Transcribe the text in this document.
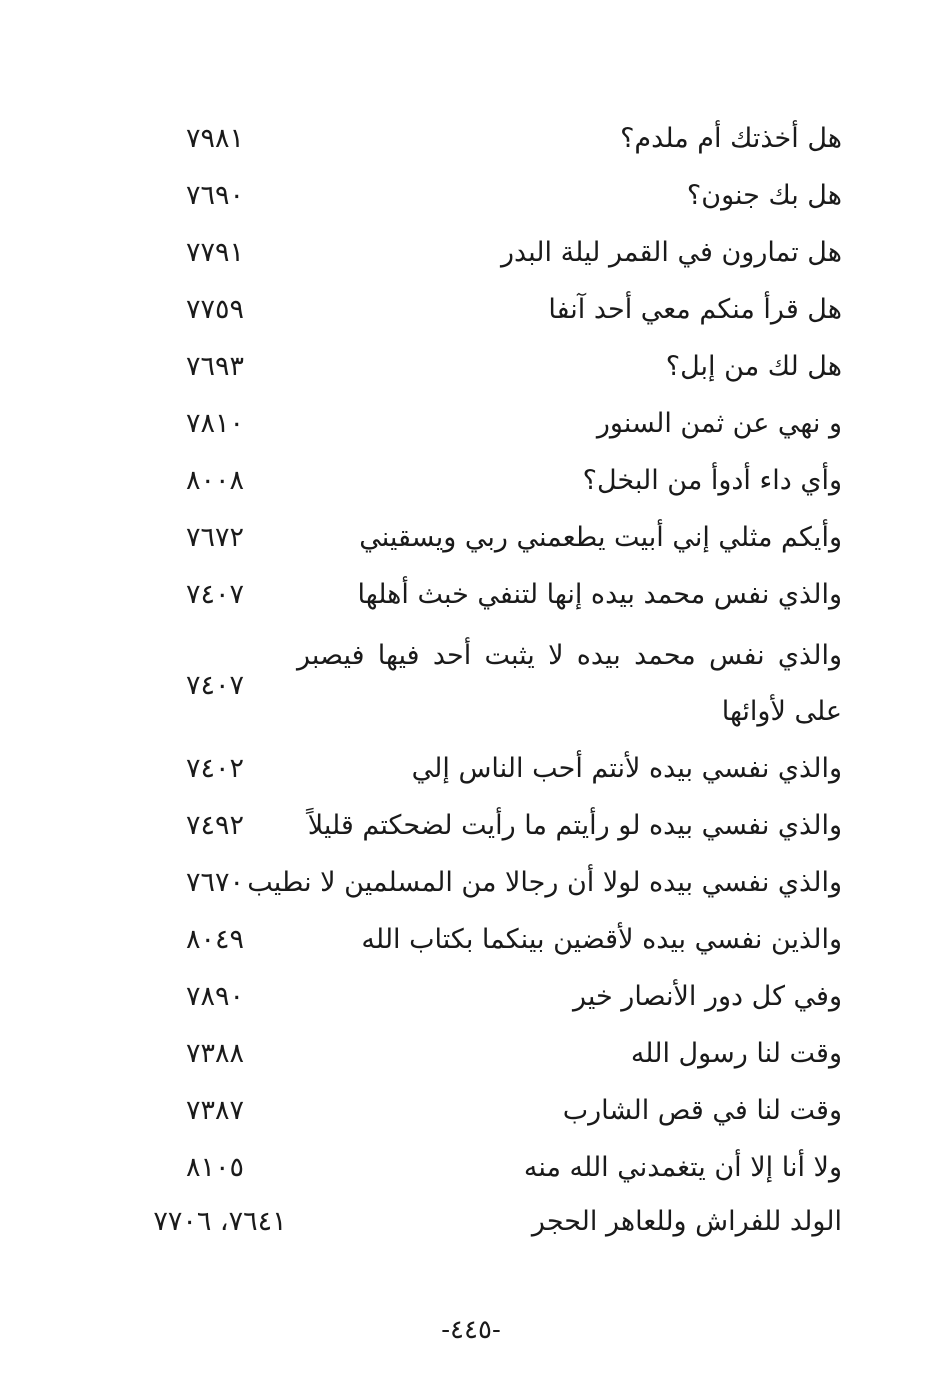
هل أخذتك أم ملدم؟
٧٩٨١
هل بك جنون؟
٧٦٩٠
هل تمارون في القمر ليلة البدر
٧٧٩١
هل قرأ منكم معي أحد آنفا
٧٧٥٩
هل لك من إبل؟
٧٦٩٣
و نهي عن ثمن السنور
٧٨١٠
وأي داء أدوأ من البخل؟
٨٠٠٨
وأيكم مثلي إني أبيت يطعمني ربي ويسقيني
٧٦٧٢
والذي نفس محمد بيده إنها لتنفي خبث أهلها
٧٤٠٧
والذي نفس محمد بيده لا يثبت أحد فيها فيصبر على لأوائها
٧٤٠٧
والذي نفسي بيده لأنتم أحب الناس إلي
٧٤٠٢
والذي نفسي بيده لو رأيتم ما رأيت لضحكتم قليلاً
٧٤٩٢
والذي نفسي بيده لولا أن رجالا من المسلمين لا نطيب
٧٦٧٠
والذين نفسي بيده لأقضين بينكما بكتاب الله
٨٠٤٩
وفي كل دور الأنصار خير
٧٨٩٠
وقت لنا رسول الله
٧٣٨٨
وقت لنا في قص الشارب
٧٣٨٧
ولا أنا إلا أن يتغمدني الله منه
٨١٠٥
الولد للفراش وللعاهر الحجر
٧٦٤١، ٧٧٠٦
-٤٤٥-
